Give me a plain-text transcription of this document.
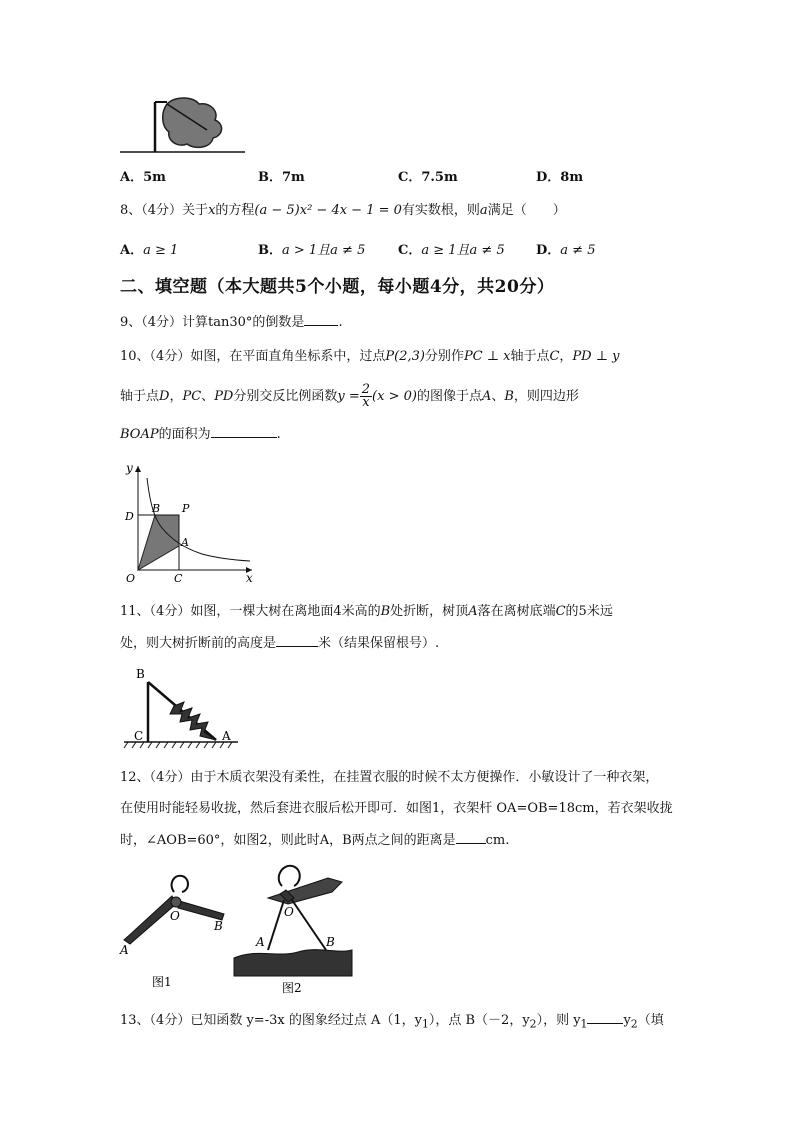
A．5m	B．7m	C．7.5m	D．8m
8、（4分）关于x的方程(a − 5)x² − 4x − 1 = 0有实数根，则a满足（　　）
A．a ≥ 1	B．a > 1且a ≠ 5	C．a ≥ 1且a ≠ 5 D．a ≠ 5
二、填空题（本大题共5个小题，每小题4分，共20分）
9、（4分）计算tan30°的倒数是	.
10、（4分）如图，在平面直角坐标系中，过点P(2,3)分别作PC ⊥ x轴于点C，PD ⊥ y
轴于点D，PC、PD分别交反比例函数$y = \frac{2}{x} (x > 0)$的图像于点A、B，则四边形
BOAP的面积为	.
y
x
B P
D
A
O	C
11、（4分）如图，一棵大树在离地面4米高的B处折断，树顶A落在离树底端C的5米远
处，则大树折断前的高度是	米（结果保留根号）.
B
C	A
12、（4分）由于木质衣架没有柔性，在挂置衣服的时候不太方便操作．小敏设计了一种衣架，
在使用时能轻易收拢，然后套进衣服后松开即可．如图1，衣架杆 OA=OB=18cm，若衣架收拢
时，∠AOB=60°，如图2，则此时A，B两点之间的距离是 cm.
O
A
B
图1
O
A	B
图2
13、（4分）已知函数 y=-3x 的图象经过点 A（1，$y_1$），点 B（－2，$y_2$），则 $y_1$	$y_2$（填
